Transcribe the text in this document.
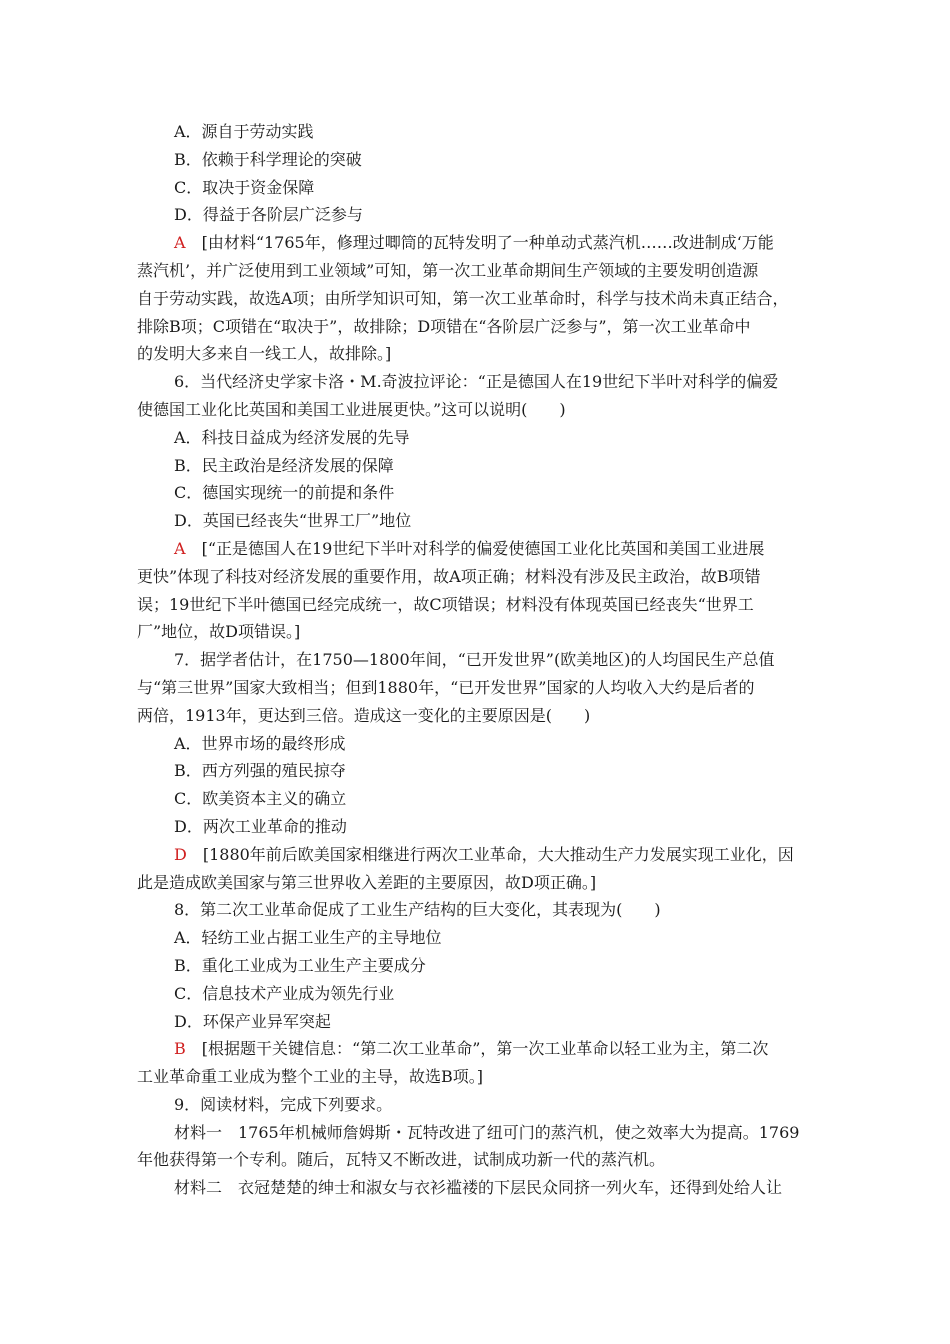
A．源自于劳动实践
B．依赖于科学理论的突破
C．取决于资金保障
D．得益于各阶层广泛参与
A　 [由材料“1765年，修理过唧筒的瓦特发明了一种单动式蒸汽机……改进制成‘万能
蒸汽机’，并广泛使用到工业领域”可知，第一次工业革命期间生产领域的主要发明创造源
自于劳动实践，故选A项；由所学知识可知，第一次工业革命时，科学与技术尚未真正结合，
排除B项；C项错在“取决于”，故排除；D项错在“各阶层广泛参与”，第一次工业革命中
的发明大多来自一线工人，故排除。]
6．当代经济史学家卡洛・M.奇波拉评论：“正是德国人在19世纪下半叶对科学的偏爱
使德国工业化比英国和美国工业进展更快。”这可以说明(　　)
A．科技日益成为经济发展的先导
B．民主政治是经济发展的保障
C．德国实现统一的前提和条件
D．英国已经丧失“世界工厂”地位
A　 [“正是德国人在19世纪下半叶对科学的偏爱使德国工业化比英国和美国工业进展
更快”体现了科技对经济发展的重要作用，故A项正确；材料没有涉及民主政治，故B项错
误；19世纪下半叶德国已经完成统一，故C项错误；材料没有体现英国已经丧失“世界工
厂”地位，故D项错误。]
7．据学者估计，在1750—1800年间，“已开发世界”(欧美地区)的人均国民生产总值
与“第三世界”国家大致相当；但到1880年，“已开发世界”国家的人均收入大约是后者的
两倍，1913年，更达到三倍。造成这一变化的主要原因是(　　)
A．世界市场的最终形成
B．西方列强的殖民掠夺
C．欧美资本主义的确立
D．两次工业革命的推动
D　 [1880年前后欧美国家相继进行两次工业革命，大大推动生产力发展实现工业化，因
此是造成欧美国家与第三世界收入差距的主要原因，故D项正确。]
8．第二次工业革命促成了工业生产结构的巨大变化，其表现为(　　)
A．轻纺工业占据工业生产的主导地位
B．重化工业成为工业生产主要成分
C．信息技术产业成为领先行业
D．环保产业异军突起
B　 [根据题干关键信息：“第二次工业革命”，第一次工业革命以轻工业为主，第二次
工业革命重工业成为整个工业的主导，故选B项。]
9．阅读材料，完成下列要求。
材料一　1765年机械师詹姆斯・瓦特改进了纽可门的蒸汽机，使之效率大为提高。1769
年他获得第一个专利。随后，瓦特又不断改进，试制成功新一代的蒸汽机。
材料二　衣冠楚楚的绅士和淑女与衣衫褴褛的下层民众同挤一列火车，还得到处给人让
